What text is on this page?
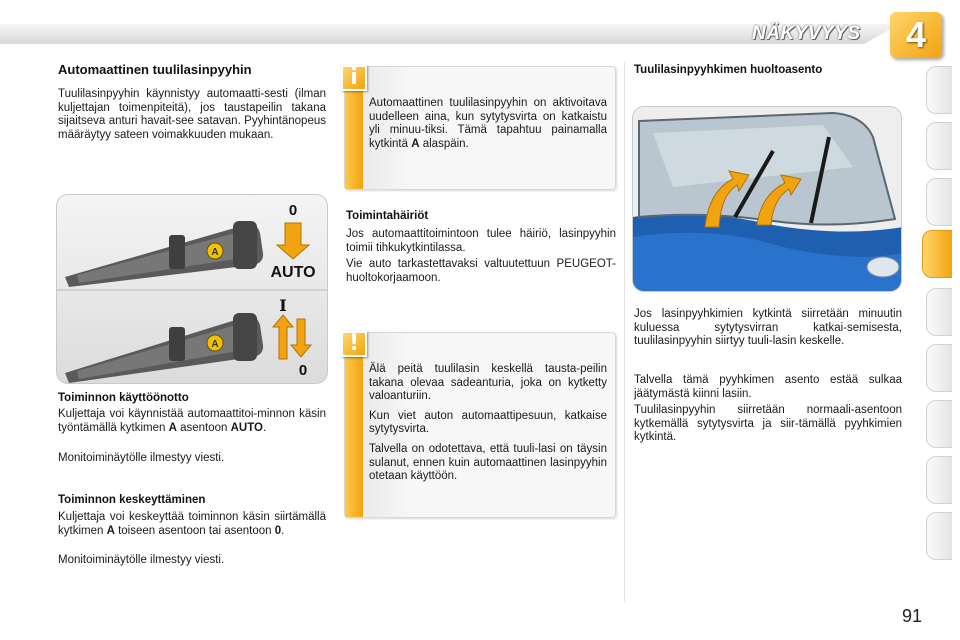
NÄKYVYYS	4
Automaattinen tuulilasinpyyhin
Tuulilasinpyyhin käynnistyy automaatti-sesti (ilman kuljettajan toimenpiteitä), jos taustapeilin takana sijaitseva anturi havait-see satavan. Pyyhintänopeus määräytyy sateen voimakkuuden mukaan.
A
0
AUTO
A
I
0
Toiminnon käyttöönotto
Kuljettaja voi käynnistää automaattitoi-minnon käsin työntämällä kytkimen A asentoon AUTO.
Monitoiminäytölle ilmestyy viesti.
Toiminnon keskeyttäminen
Kuljettaja voi keskeyttää toiminnon käsin siirtämällä kytkimen A toiseen asentoon tai asentoon 0.
Monitoiminäytölle ilmestyy viesti.
i
Automaattinen tuulilasinpyyhin on aktivoitava uudelleen aina, kun sytytysvirta on katkaistu yli minuu-tiksi. Tämä tapahtuu painamalla kytkintä A alaspäin.
Toimintahäiriöt
Jos automaattitoimintoon tulee häiriö, lasinpyyhin toimii tihkukytkintilassa.
Vie auto tarkastettavaksi valtuutettuun PEUGEOT-huoltokorjaamoon.
!

Älä peitä tuulilasin keskellä tausta-peilin takana olevaa sadeanturia, joka on kytketty valoanturiin.

Kun viet auton automaattipesuun, katkaise sytytysvirta.

Talvella on odotettava, että tuuli-lasi on täysin sulanut, ennen kuin automaattinen lasinpyyhin otetaan käyttöön.

Tuulilasinpyyhkimen huoltoasento
Jos lasinpyyhkimien kytkintä siirretään minuutin kuluessa sytytysvirran katkai-semisesta, tuulilasinpyyhin siirtyy tuuli-lasin keskelle.
Talvella tämä pyyhkimen asento estää sulkaa jäätymästä kiinni lasiin.
Tuulilasinpyyhin siirretään normaali-asentoon kytkemällä sytytysvirta ja siir-tämällä pyyhkimien kytkintä.
91
